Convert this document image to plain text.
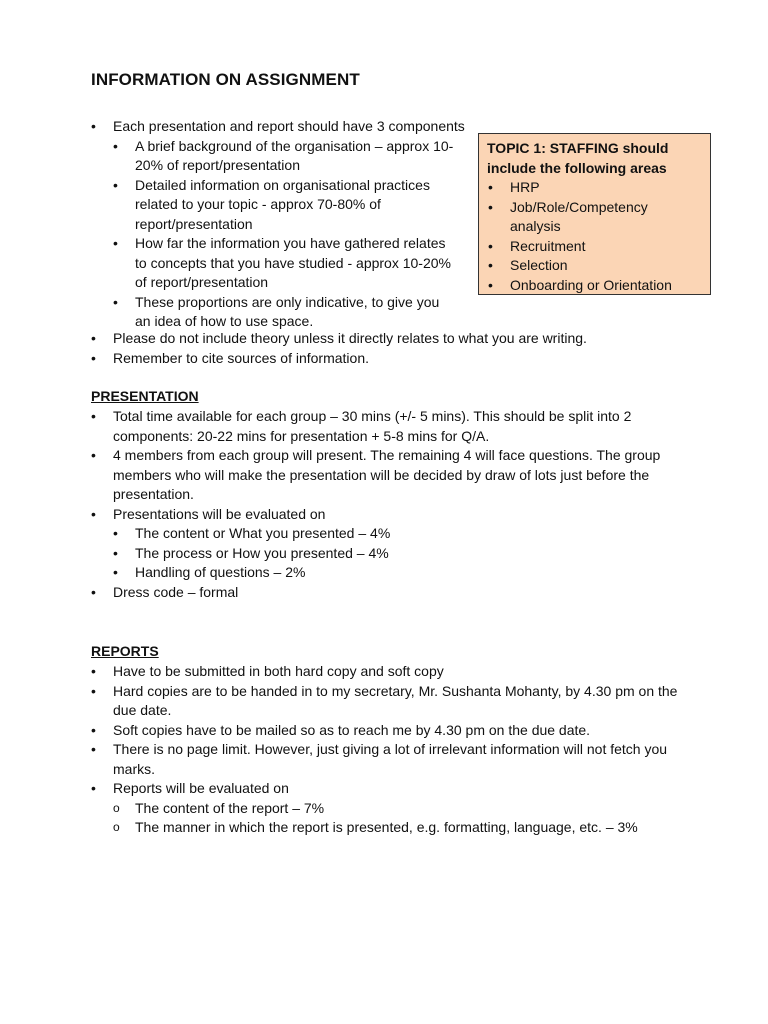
INFORMATION ON ASSIGNMENT
• Each presentation and report should have 3 components
• A brief background of the organisation – approx 10-20% of report/presentation
• Detailed information on organisational practices related to your topic - approx 70-80% of report/presentation
• How far the information you have gathered relates to concepts that you have studied - approx 10-20% of report/presentation
• These proportions are only indicative, to give you an idea of how to use space.
• Please do not include theory unless it directly relates to what you are writing.
• Remember to cite sources of information.

TOPIC 1: STAFFING should include the following areas

• HRP
• Job/Role/Competency analysis
• Recruitment
• Selection
• Onboarding or Orientation

PRESENTATION

• Total time available for each group – 30 mins (+/- 5 mins). This should be split into 2 components: 20-22 mins for presentation + 5-8 mins for Q/A.
• 4 members from each group will present. The remaining 4 will face questions. The group members who will make the presentation will be decided by draw of lots just before the presentation.
• Presentations will be evaluated on
• The content or What you presented – 4%
• The process or How you presented – 4%
• Handling of questions – 2%
• Dress code – formal

REPORTS

• Have to be submitted in both hard copy and soft copy
• Hard copies are to be handed in to my secretary, Mr. Sushanta Mohanty, by 4.30 pm on the due date.
• Soft copies have to be mailed so as to reach me by 4.30 pm on the due date.
• There is no page limit. However, just giving a lot of irrelevant information will not fetch you marks.
• Reports will be evaluated on
o The content of the report – 7%
o The manner in which the report is presented, e.g. formatting, language, etc. – 3%
